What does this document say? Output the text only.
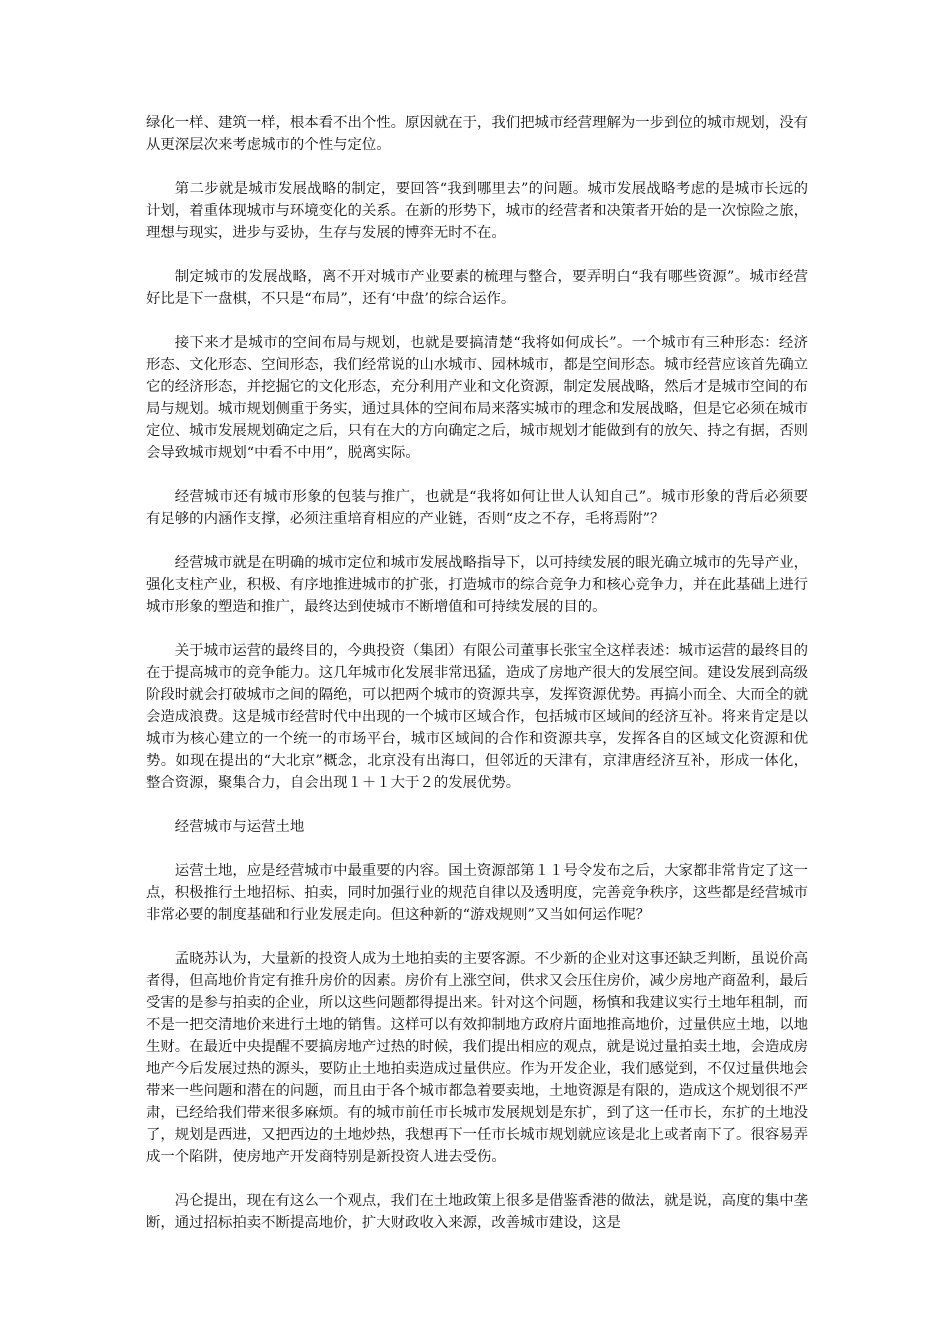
绿化一样、建筑一样，根本看不出个性。原因就在于，我们把城市经营理解为一步到位的城市规划，没有从更深层次来考虑城市的个性与定位。

第二步就是城市发展战略的制定，要回答“我到哪里去”的问题。城市发展战略考虑的是城市长远的计划，着重体现城市与环境变化的关系。在新的形势下，城市的经营者和决策者开始的是一次惊险之旅，理想与现实，进步与妥协，生存与发展的博弈无时不在。

制定城市的发展战略，离不开对城市产业要素的梳理与整合，要弄明白“我有哪些资源”。城市经营好比是下一盘棋，不只是“布局”，还有‘中盘’的综合运作。

接下来才是城市的空间布局与规划，也就是要搞清楚“我将如何成长”。一个城市有三种形态：经济形态、文化形态、空间形态，我们经常说的山水城市、园林城市，都是空间形态。城市经营应该首先确立它的经济形态，并挖掘它的文化形态，充分利用产业和文化资源，制定发展战略，然后才是城市空间的布局与规划。城市规划侧重于务实，通过具体的空间布局来落实城市的理念和发展战略，但是它必须在城市定位、城市发展规划确定之后，只有在大的方向确定之后，城市规划才能做到有的放矢、持之有据，否则会导致城市规划“中看不中用”，脱离实际。

经营城市还有城市形象的包装与推广，也就是“我将如何让世人认知自己”。城市形象的背后必须要有足够的内涵作支撑，必须注重培育相应的产业链，否则“皮之不存，毛将焉附”？

经营城市就是在明确的城市定位和城市发展战略指导下，以可持续发展的眼光确立城市的先导产业，强化支柱产业，积极、有序地推进城市的扩张，打造城市的综合竞争力和核心竞争力，并在此基础上进行城市形象的塑造和推广，最终达到使城市不断增值和可持续发展的目的。

关于城市运营的最终目的，今典投资（集团）有限公司董事长张宝全这样表述：城市运营的最终目的在于提高城市的竞争能力。这几年城市化发展非常迅猛，造成了房地产很大的发展空间。建设发展到高级阶段时就会打破城市之间的隔绝，可以把两个城市的资源共享，发挥资源优势。再搞小而全、大而全的就会造成浪费。这是城市经营时代中出现的一个城市区域合作，包括城市区域间的经济互补。将来肯定是以城市为核心建立的一个统一的市场平台，城市区域间的合作和资源共享，发挥各自的区域文化资源和优势。如现在提出的“大北京”概念，北京没有出海口，但邻近的天津有，京津唐经济互补，形成一体化，整合资源，聚集合力，自会出现１＋１大于２的发展优势。

经营城市与运营土地

运营土地，应是经营城市中最重要的内容。国土资源部第１１号令发布之后，大家都非常肯定了这一点，积极推行土地招标、拍卖，同时加强行业的规范自律以及透明度，完善竞争秩序，这些都是经营城市非常必要的制度基础和行业发展走向。但这种新的“游戏规则”又当如何运作呢？

孟晓苏认为，大量新的投资人成为土地拍卖的主要客源。不少新的企业对这事还缺乏判断，虽说价高者得，但高地价肯定有推升房价的因素。房价有上涨空间，供求又会压住房价，减少房地产商盈利，最后受害的是参与拍卖的企业，所以这些问题都得提出来。针对这个问题，杨慎和我建议实行土地年租制，而不是一把交清地价来进行土地的销售。这样可以有效抑制地方政府片面地推高地价，过量供应土地，以地生财。在最近中央提醒不要搞房地产过热的时候，我们提出相应的观点，就是说过量拍卖土地，会造成房地产今后发展过热的源头，要防止土地拍卖造成过量供应。作为开发企业，我们感觉到，不仅过量供地会带来一些问题和潜在的问题，而且由于各个城市都急着要卖地，土地资源是有限的，造成这个规划很不严肃，已经给我们带来很多麻烦。有的城市前任市长城市发展规划是东扩，到了这一任市长，东扩的土地没了，规划是西进，又把西边的土地炒热，我想再下一任市长城市规划就应该是北上或者南下了。很容易弄成一个陷阱，使房地产开发商特别是新投资人进去受伤。

冯仑提出，现在有这么一个观点，我们在土地政策上很多是借鉴香港的做法，就是说，高度的集中垄断，通过招标拍卖不断提高地价，扩大财政收入来源，改善城市建设，这是
